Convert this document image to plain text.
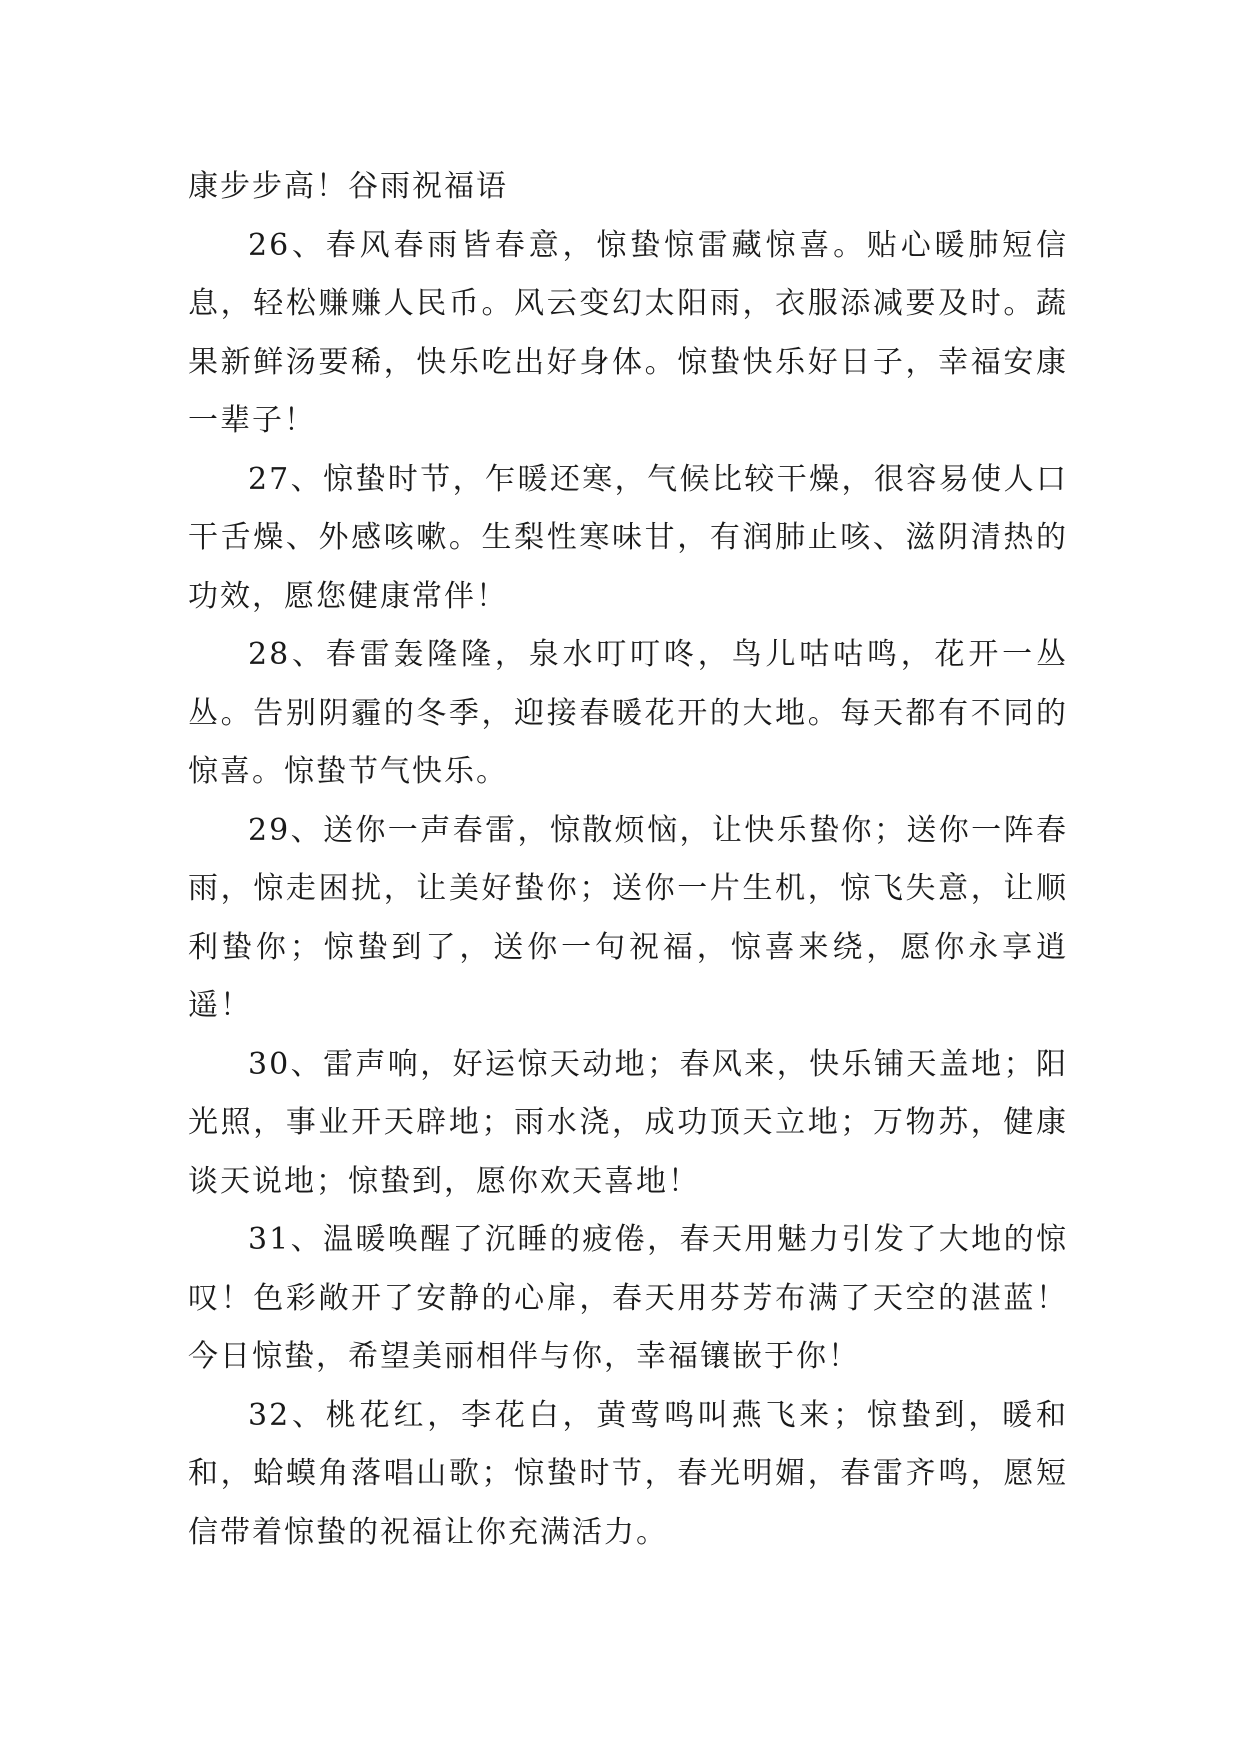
康步步高！谷雨祝福语

26、春风春雨皆春意，惊蛰惊雷藏惊喜。贴心暖肺短信息，轻松赚赚人民币。风云变幻太阳雨，衣服添减要及时。蔬果新鲜汤要稀，快乐吃出好身体。惊蛰快乐好日子，幸福安康一辈子！

27、惊蛰时节，乍暖还寒，气候比较干燥，很容易使人口干舌燥、外感咳嗽。生梨性寒味甘，有润肺止咳、滋阴清热的功效，愿您健康常伴！

28、春雷轰隆隆，泉水叮叮咚，鸟儿咕咕鸣，花开一丛丛。告别阴霾的冬季，迎接春暖花开的大地。每天都有不同的惊喜。惊蛰节气快乐。

29、送你一声春雷，惊散烦恼，让快乐蛰你；送你一阵春雨，惊走困扰，让美好蛰你；送你一片生机，惊飞失意，让顺利蛰你；惊蛰到了，送你一句祝福，惊喜来绕，愿你永享逍遥！

30、雷声响，好运惊天动地；春风来，快乐铺天盖地；阳光照，事业开天辟地；雨水浇，成功顶天立地；万物苏，健康谈天说地；惊蛰到，愿你欢天喜地！

31、温暖唤醒了沉睡的疲倦，春天用魅力引发了大地的惊叹！色彩敞开了安静的心扉，春天用芬芳布满了天空的湛蓝！今日惊蛰，希望美丽相伴与你，幸福镶嵌于你！

32、桃花红，李花白，黄莺鸣叫燕飞来；惊蛰到，暖和和，蛤蟆角落唱山歌；惊蛰时节，春光明媚，春雷齐鸣，愿短信带着惊蛰的祝福让你充满活力。
